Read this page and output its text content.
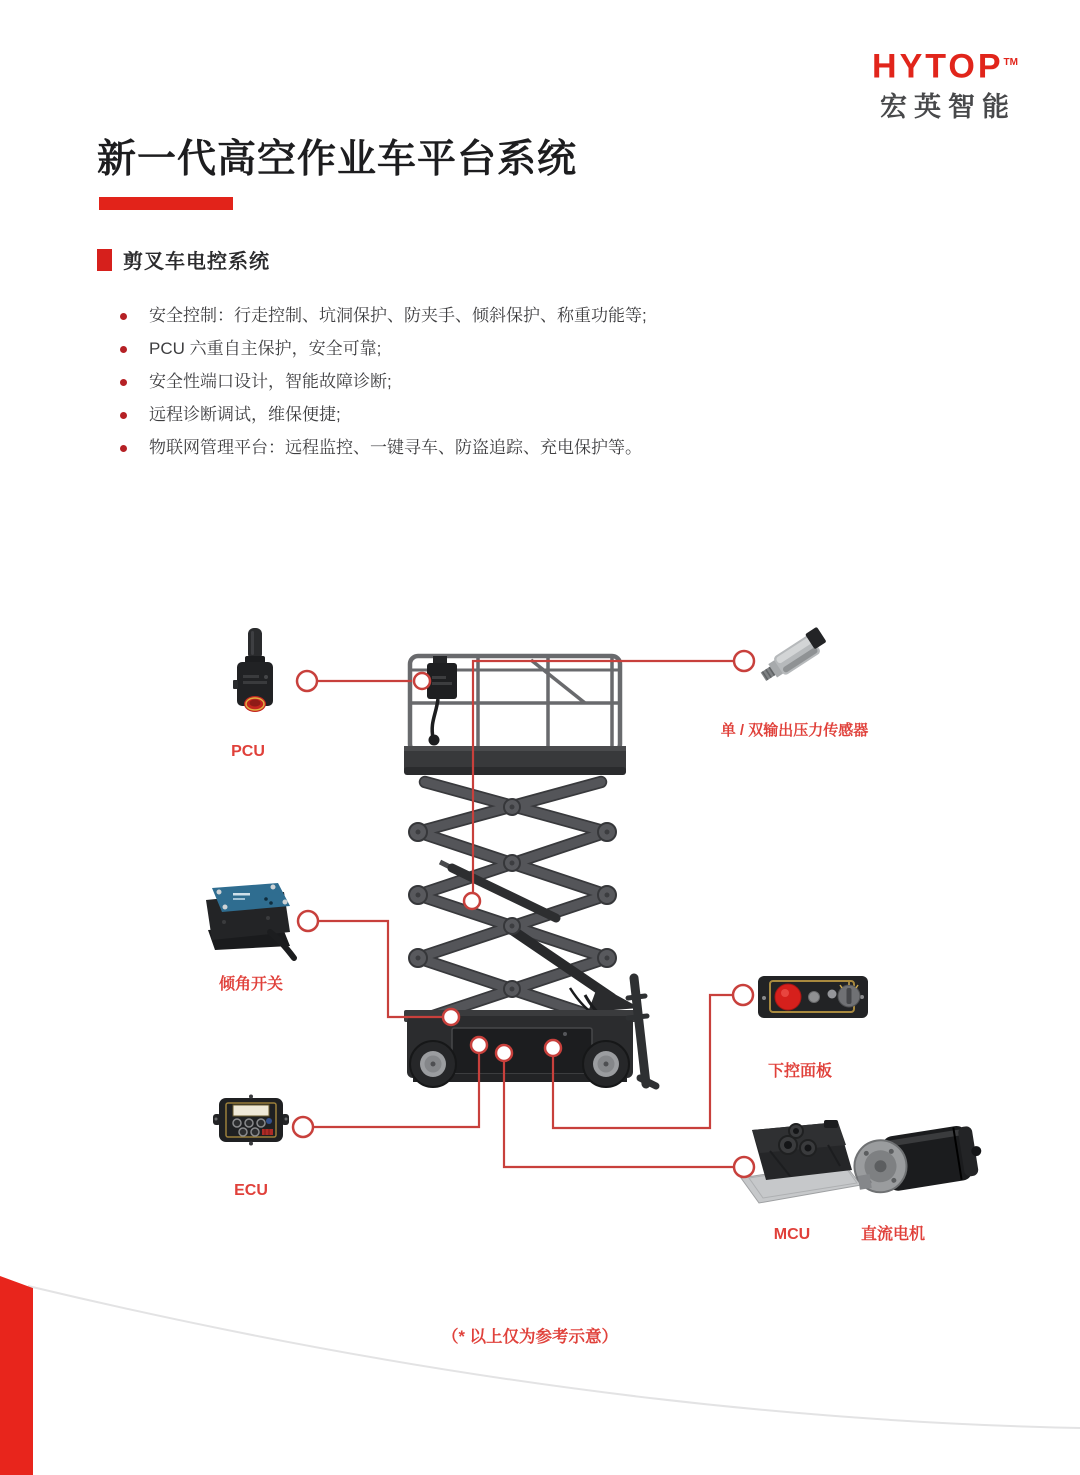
HYTOP™
宏英智能
新一代高空作业车平台系统
剪叉车电控系统
安全控制：行走控制、坑洞保护、防夹手、倾斜保护、称重功能等;
PCU 六重自主保护，安全可靠;
安全性端口设计，智能故障诊断;
远程诊断调试，维保便捷;
物联网管理平台：远程监控、一键寻车、防盗追踪、充电保护等。
PCU
单 / 双输出压力传感器
倾角开关
下控面板
ECU
MCU	直流电机
（* 以上仅为参考示意）
